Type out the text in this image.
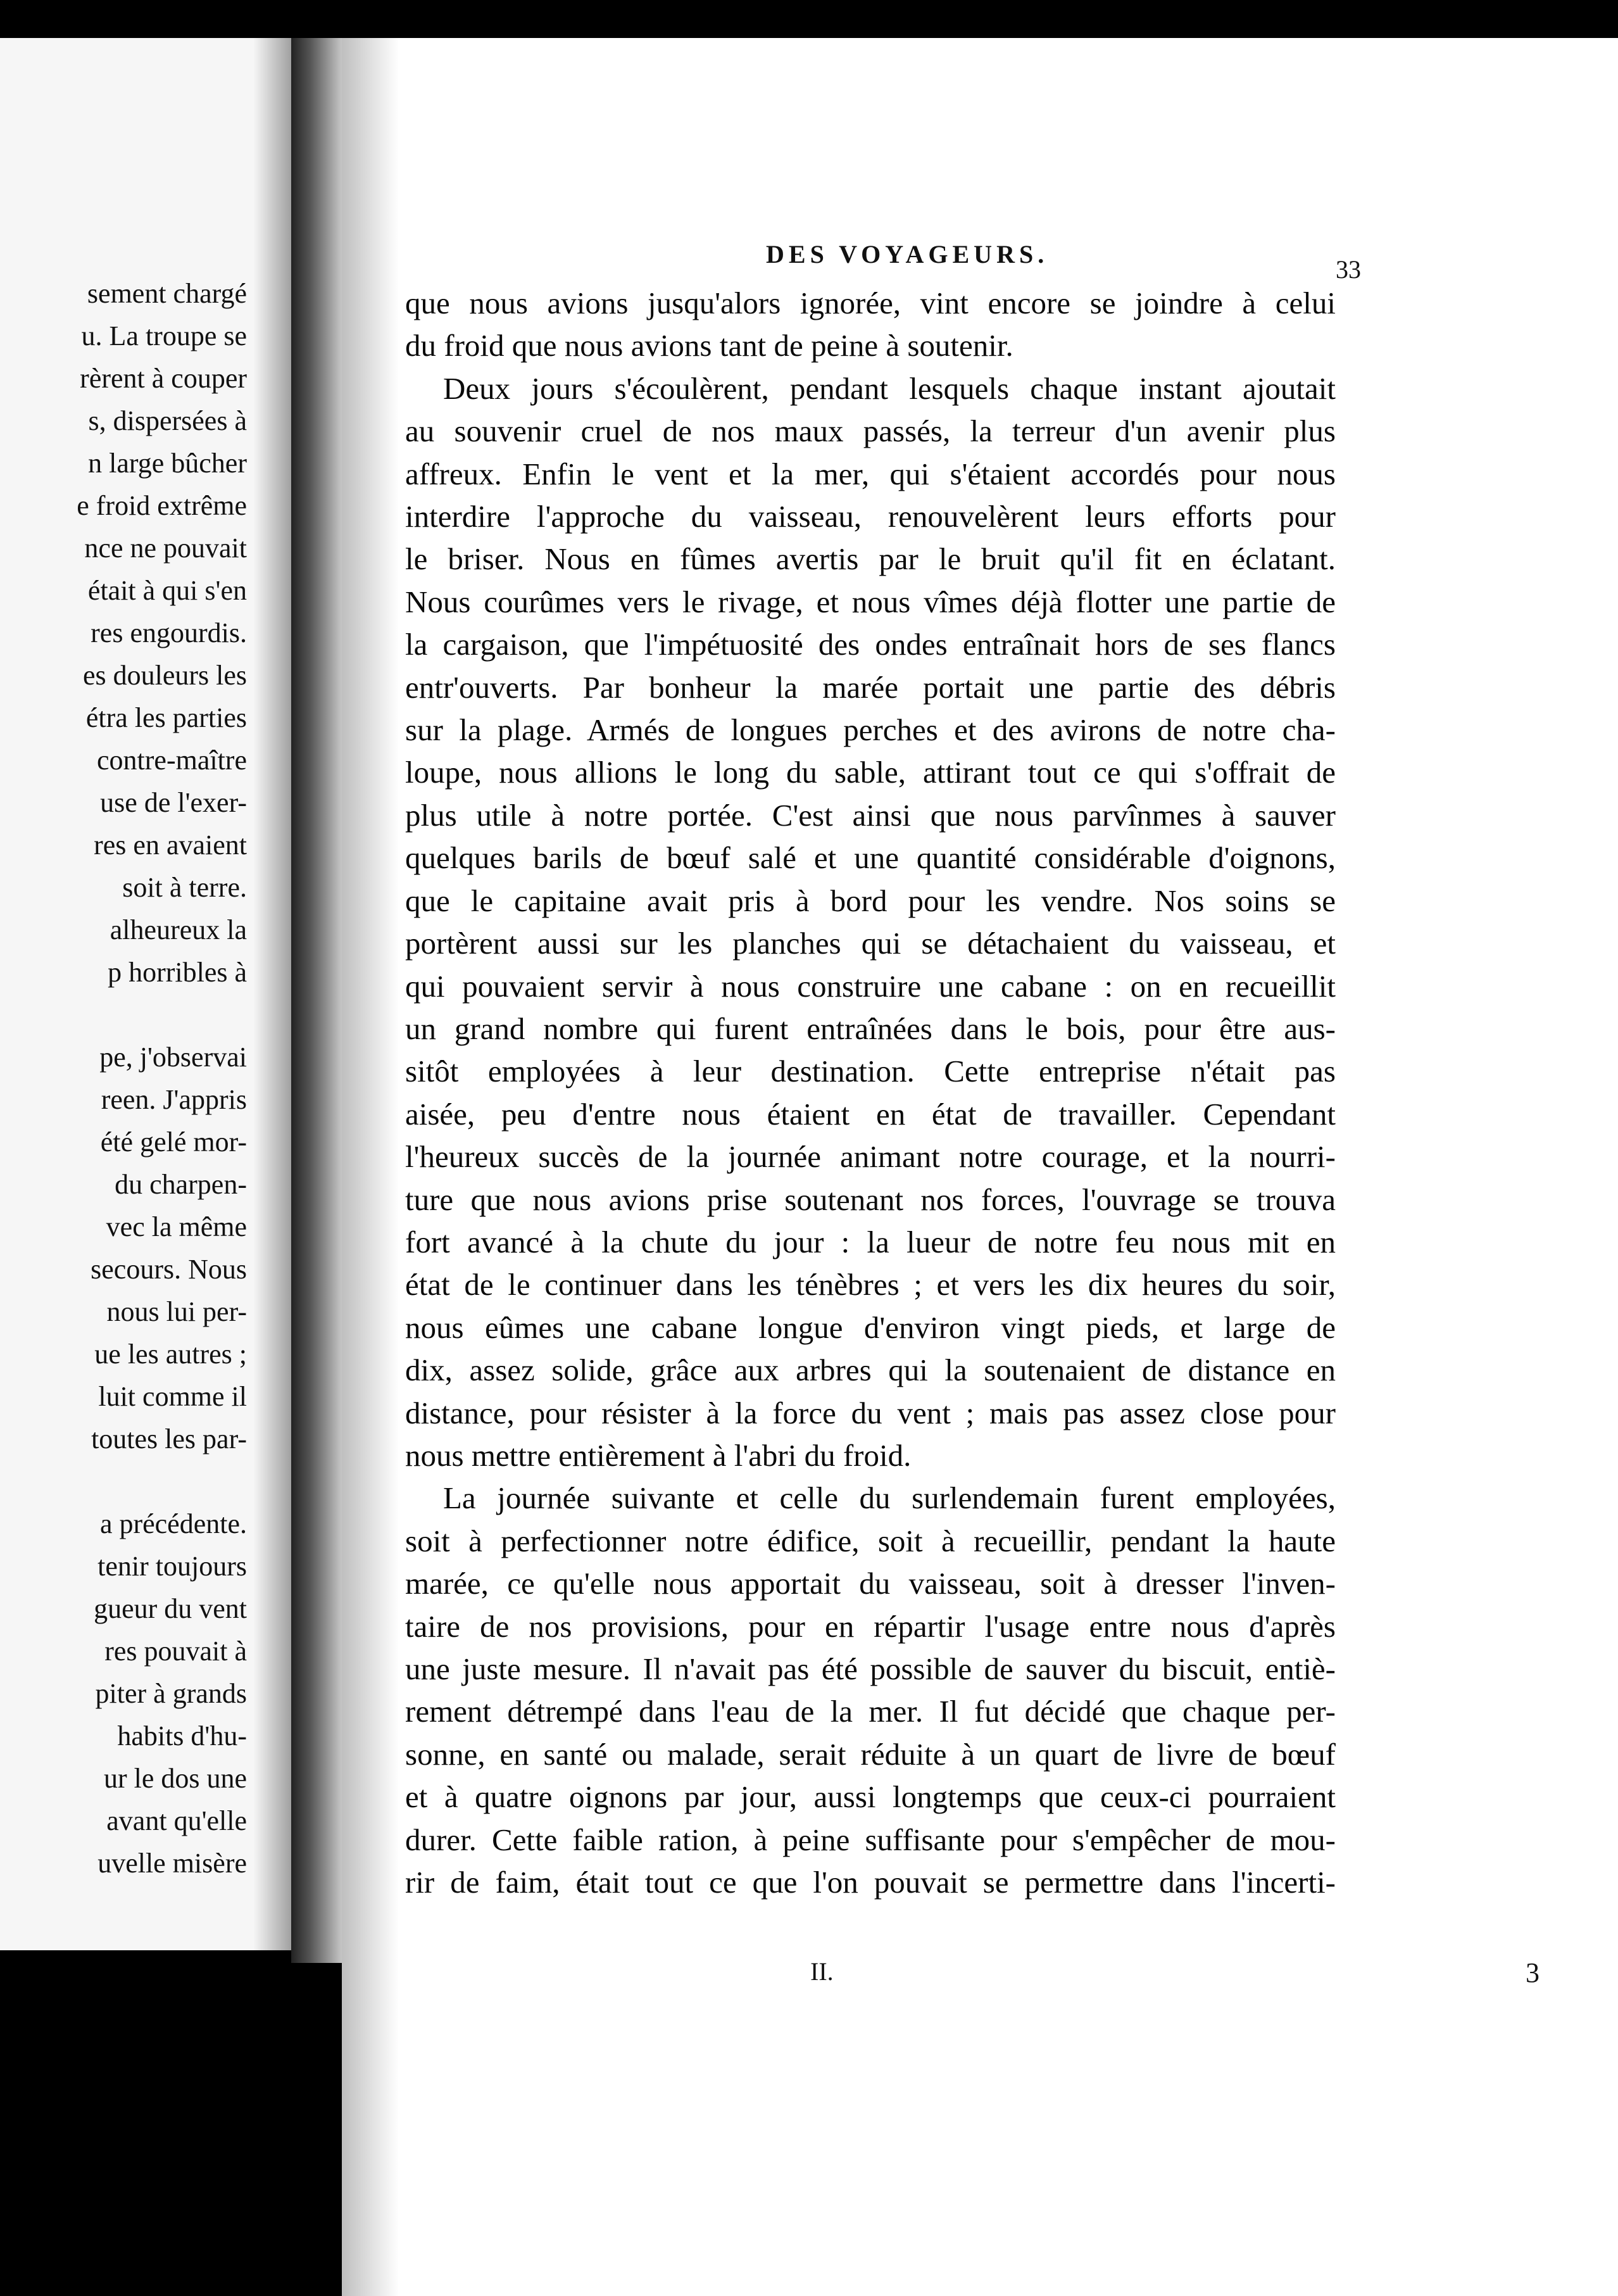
sement chargé
u. La troupe se
rèrent à couper
s, dispersées à
n large bûcher
e froid extrême
nce ne pouvait
était à qui s'en
res engourdis.
es douleurs les
étra les parties
contre-maître
use de l'exer-
res en avaient
soit à terre.
alheureux la
p horribles à
pe, j'observai
reen. J'appris
été gelé mor-
du charpen-
vec la même
secours. Nous
nous lui per-
ue les autres ;
luit comme il
toutes les par-
a précédente.
tenir toujours
gueur du vent
res pouvait à
piter à grands
habits d'hu-
ur le dos une
avant qu'elle
uvelle misère
DES VOYAGEURS.
33
que nous avions jusqu'alors ignorée, vint encore se joindre à celui
du froid que nous avions tant de peine à soutenir.
Deux jours s'écoulèrent, pendant lesquels chaque instant ajoutait
au souvenir cruel de nos maux passés, la terreur d'un avenir plus
affreux. Enfin le vent et la mer, qui s'étaient accordés pour nous
interdire l'approche du vaisseau, renouvelèrent leurs efforts pour
le briser. Nous en fûmes avertis par le bruit qu'il fit en éclatant.
Nous courûmes vers le rivage, et nous vîmes déjà flotter une partie de
la cargaison, que l'impétuosité des ondes entraînait hors de ses flancs
entr'ouverts. Par bonheur la marée portait une partie des débris
sur la plage. Armés de longues perches et des avirons de notre cha-
loupe, nous allions le long du sable, attirant tout ce qui s'offrait de
plus utile à notre portée. C'est ainsi que nous parvînmes à sauver
quelques barils de bœuf salé et une quantité considérable d'oignons,
que le capitaine avait pris à bord pour les vendre. Nos soins se
portèrent aussi sur les planches qui se détachaient du vaisseau, et
qui pouvaient servir à nous construire une cabane : on en recueillit
un grand nombre qui furent entraînées dans le bois, pour être aus-
sitôt employées à leur destination. Cette entreprise n'était pas
aisée, peu d'entre nous étaient en état de travailler. Cependant
l'heureux succès de la journée animant notre courage, et la nourri-
ture que nous avions prise soutenant nos forces, l'ouvrage se trouva
fort avancé à la chute du jour : la lueur de notre feu nous mit en
état de le continuer dans les ténèbres ; et vers les dix heures du soir,
nous eûmes une cabane longue d'environ vingt pieds, et large de
dix, assez solide, grâce aux arbres qui la soutenaient de distance en
distance, pour résister à la force du vent ; mais pas assez close pour
nous mettre entièrement à l'abri du froid.
La journée suivante et celle du surlendemain furent employées,
soit à perfectionner notre édifice, soit à recueillir, pendant la haute
marée, ce qu'elle nous apportait du vaisseau, soit à dresser l'inven-
taire de nos provisions, pour en répartir l'usage entre nous d'après
une juste mesure. Il n'avait pas été possible de sauver du biscuit, entiè-
rement détrempé dans l'eau de la mer. Il fut décidé que chaque per-
sonne, en santé ou malade, serait réduite à un quart de livre de bœuf
et à quatre oignons par jour, aussi longtemps que ceux-ci pourraient
durer. Cette faible ration, à peine suffisante pour s'empêcher de mou-
rir de faim, était tout ce que l'on pouvait se permettre dans l'incerti-
II.	3
